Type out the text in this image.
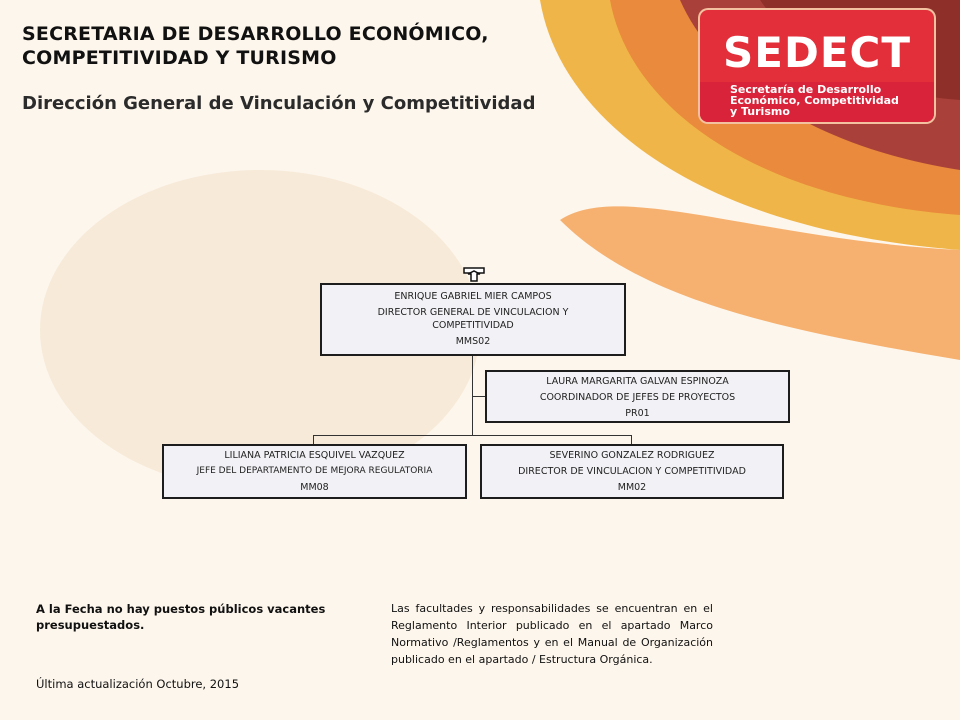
SECRETARIA DE DESARROLLO ECONÓMICO,
COMPETITIVIDAD Y TURISMO
Dirección General de Vinculación y Competitividad
SEDECT
Secretaría de Desarrollo
Económico, Competitividad
y Turismo
ENRIQUE GABRIEL MIER CAMPOS
DIRECTOR GENERAL DE VINCULACION Y COMPETITIVIDAD
MMS02
LAURA MARGARITA GALVAN ESPINOZA
COORDINADOR DE JEFES DE PROYECTOS
PR01
LILIANA PATRICIA ESQUIVEL VAZQUEZ
JEFE DEL DEPARTAMENTO DE MEJORA REGULATORIA
MM08
SEVERINO GONZALEZ RODRIGUEZ
DIRECTOR DE VINCULACION Y COMPETITIVIDAD
MM02
A la Fecha no hay puestos públicos vacantes presupuestados.
Última actualización Octubre, 2015
Las facultades y responsabilidades se encuentran en el Reglamento Interior publicado en el apartado Marco Normativo /Reglamentos y en el Manual de Organización publicado en el apartado / Estructura Orgánica.
